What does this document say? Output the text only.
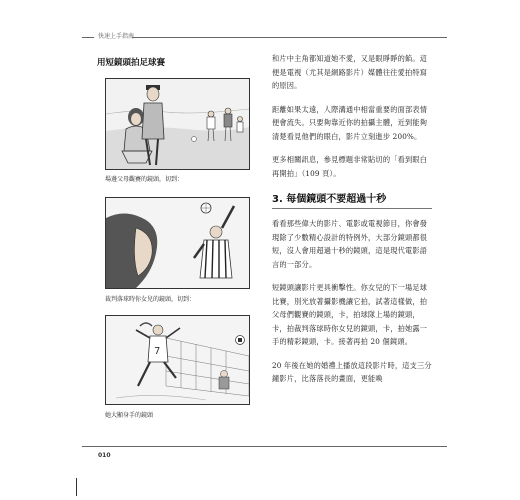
快速上手指南
用短鏡頭拍足球賽
場邊父母觀賽的鏡頭，切到：
裁判落球時你女兒的鏡頭，切到：
7
她大顯身手的鏡頭

和片中主角都知道她不愛，又是眼睜睜的餡。這便是電視（尤其是網路影片）媒體往往愛拍特寫的原因。

距離如果太遠，人際溝通中相當重要的面部表情便會流失。只要夠靠近你的拍攝主體，近到能夠清楚看見他們的眼白，影片立刻進步 200%。

更多相關訊息，參見標題非常貼切的「看到眼白再開拍」（109 頁）。

3. 每個鏡頭不要超過十秒

看看那些偉大的影片、電影或電視節目，你會發現除了少數精心設計的特例外，大部分鏡頭都很短，沒人會用超過十秒的鏡頭，這是現代電影語言的一部分。

短鏡頭讓影片更具衝擊性。你女兒的下一場足球比賽，別光放著攝影機讓它拍，試著這樣做，拍父母們觀賽的鏡頭，卡，拍球隊上場的鏡頭，卡，拍裁判落球時你女兒的鏡頭，卡，拍她露一手的精彩鏡頭，卡。接著再拍 20 個鏡頭。

20 年後在她的婚禮上播放這段影片時，這支三分鐘影片，比落落長的畫面，更能喚

010
